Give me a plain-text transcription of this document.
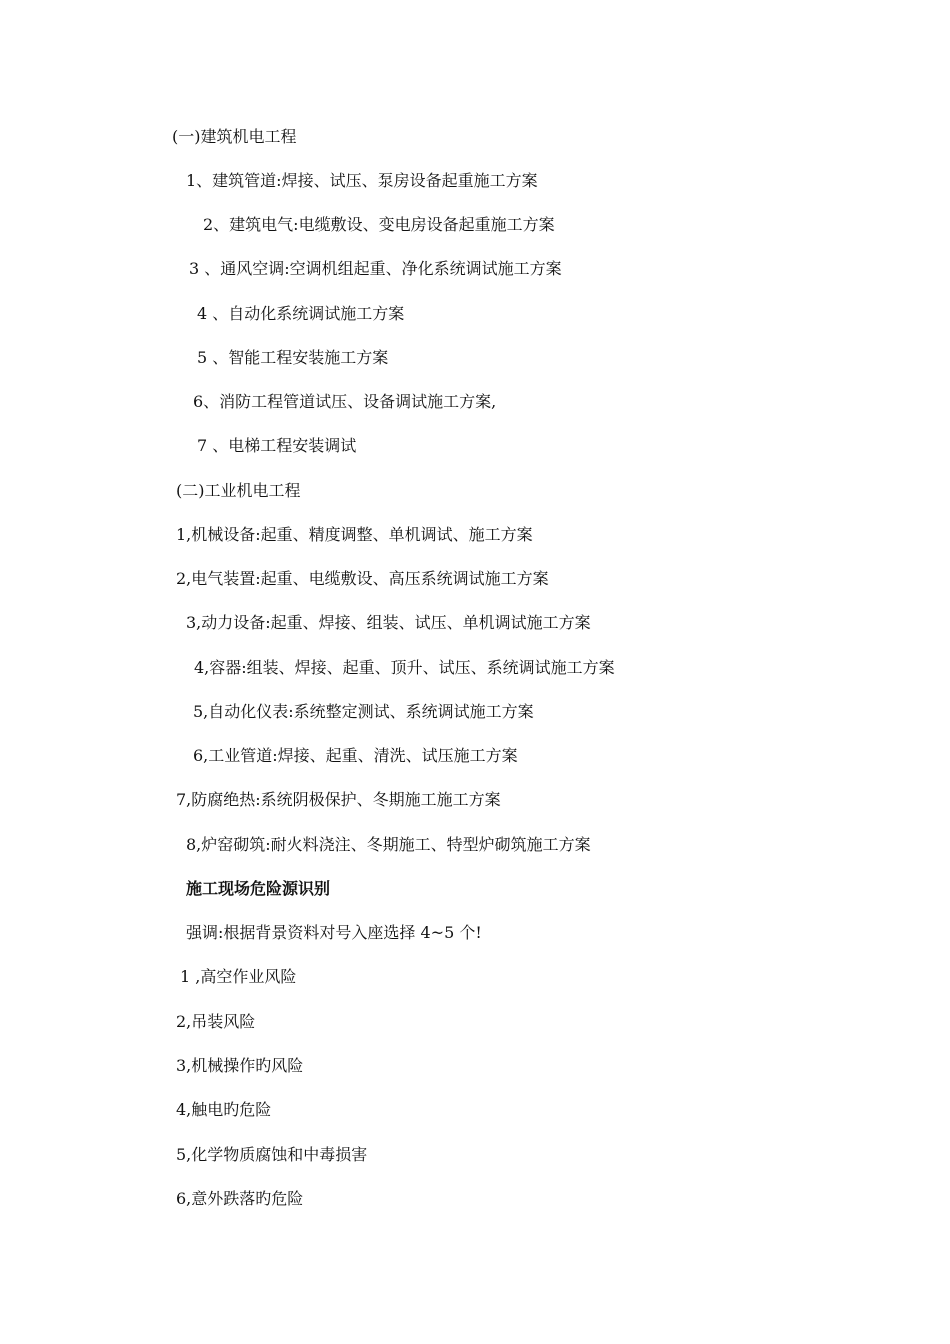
(一)建筑机电工程
1、建筑管道:焊接、试压、泵房设备起重施工方案
2、建筑电气:电缆敷设、变电房设备起重施工方案
3 、通风空调:空调机组起重、净化系统调试施工方案
4 、自动化系统调试施工方案
5 、智能工程安装施工方案
6、消防工程管道试压、设备调试施工方案,
7 、电梯工程安装调试
(二)工业机电工程
1,机械设备:起重、精度调整、单机调试、施工方案
2,电气装置:起重、电缆敷设、高压系统调试施工方案
3,动力设备:起重、焊接、组装、试压、单机调试施工方案
4,容器:组装、焊接、起重、顶升、试压、系统调试施工方案
5,自动化仪表:系统整定测试、系统调试施工方案
6,工业管道:焊接、起重、清洗、试压施工方案
7,防腐绝热:系统阴极保护、冬期施工施工方案
8,炉窑砌筑:耐火料浇注、冬期施工、特型炉砌筑施工方案
施工现场危险源识别
强调:根据背景资料对号入座选择 4~5 个!
1 ,高空作业风险
2,吊装风险
3,机械操作旳风险
4,触电旳危险
5,化学物质腐蚀和中毒损害
6,意外跌落旳危险
